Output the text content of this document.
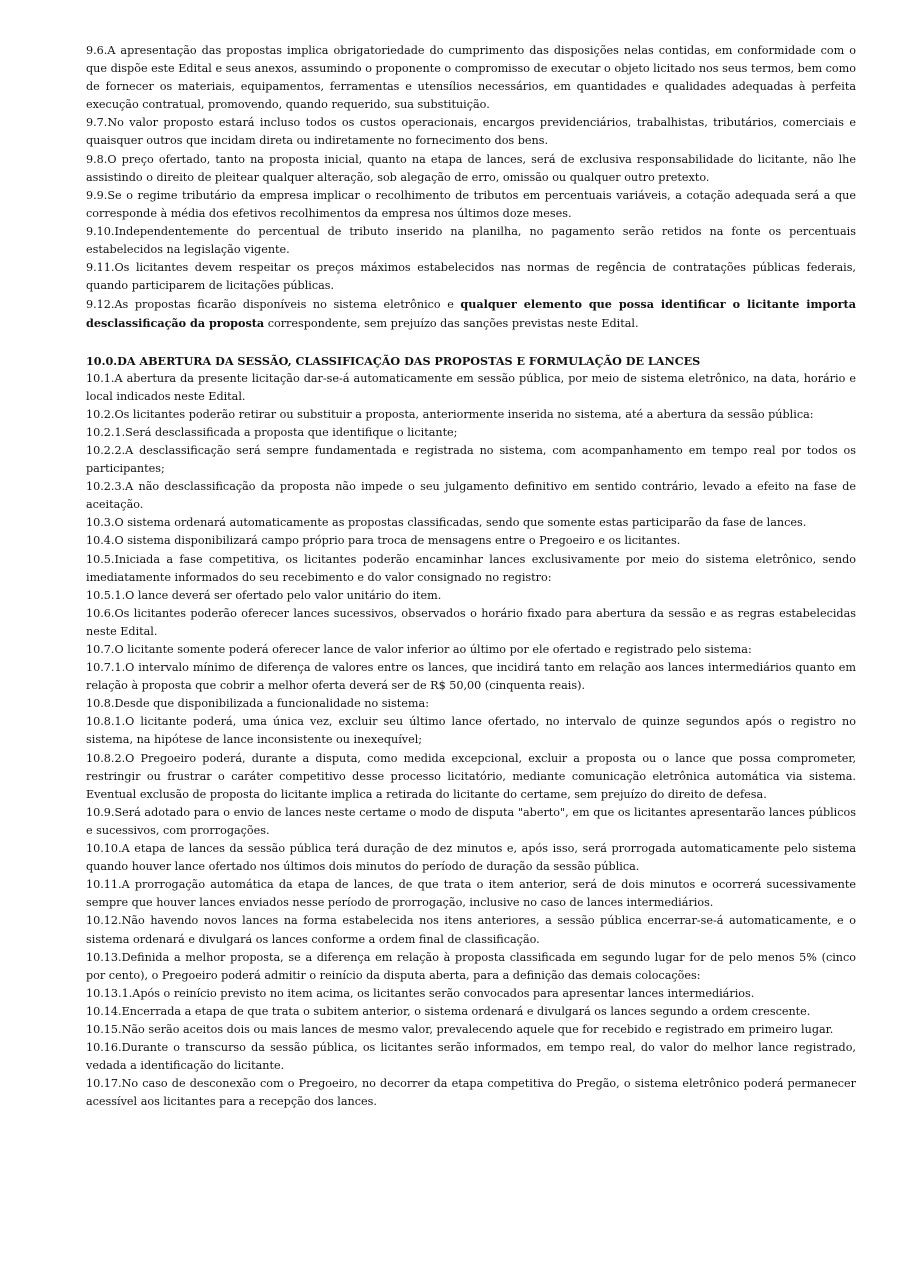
9.6.A apresentação das propostas implica obrigatoriedade do cumprimento das disposições nelas contidas, em conformidade com o que dispõe este Edital e seus anexos, assumindo o proponente o compromisso de executar o objeto licitado nos seus termos, bem como de fornecer os materiais, equipamentos, ferramentas e utensílios necessários, em quantidades e qualidades adequadas à perfeita execução contratual, promovendo, quando requerido, sua substituição.

9.7.No valor proposto estará incluso todos os custos operacionais, encargos previdenciários, trabalhistas, tributários, comerciais e quaisquer outros que incidam direta ou indiretamente no fornecimento dos bens.

9.8.O preço ofertado, tanto na proposta inicial, quanto na etapa de lances, será de exclusiva responsabilidade do licitante, não lhe assistindo o direito de pleitear qualquer alteração, sob alegação de erro, omissão ou qualquer outro pretexto.

9.9.Se o regime tributário da empresa implicar o recolhimento de tributos em percentuais variáveis, a cotação adequada será a que corresponde à média dos efetivos recolhimentos da empresa nos últimos doze meses.

9.10.Independentemente do percentual de tributo inserido na planilha, no pagamento serão retidos na fonte os percentuais estabelecidos na legislação vigente.

9.11.Os licitantes devem respeitar os preços máximos estabelecidos nas normas de regência de contratações públicas federais, quando participarem de licitações públicas.

9.12.As propostas ficarão disponíveis no sistema eletrônico e qualquer elemento que possa identificar o licitante importa desclassificação da proposta correspondente, sem prejuízo das sanções previstas neste Edital.

10.0.DA ABERTURA DA SESSÃO, CLASSIFICAÇÃO DAS PROPOSTAS E FORMULAÇÃO DE LANCES

10.1.A abertura da presente licitação dar-se-á automaticamente em sessão pública, por meio de sistema eletrônico, na data, horário e local indicados neste Edital.

10.2.Os licitantes poderão retirar ou substituir a proposta, anteriormente inserida no sistema, até a abertura da sessão pública:

10.2.1.Será desclassificada a proposta que identifique o licitante;

10.2.2.A desclassificação será sempre fundamentada e registrada no sistema, com acompanhamento em tempo real por todos os participantes;

10.2.3.A não desclassificação da proposta não impede o seu julgamento definitivo em sentido contrário, levado a efeito na fase de aceitação.

10.3.O sistema ordenará automaticamente as propostas classificadas, sendo que somente estas participarão da fase de lances.

10.4.O sistema disponibilizará campo próprio para troca de mensagens entre o Pregoeiro e os licitantes.

10.5.Iniciada a fase competitiva, os licitantes poderão encaminhar lances exclusivamente por meio do sistema eletrônico, sendo imediatamente informados do seu recebimento e do valor consignado no registro:

10.5.1.O lance deverá ser ofertado pelo valor unitário do item.

10.6.Os licitantes poderão oferecer lances sucessivos, observados o horário fixado para abertura da sessão e as regras estabelecidas neste Edital.

10.7.O licitante somente poderá oferecer lance de valor inferior ao último por ele ofertado e registrado pelo sistema:

10.7.1.O intervalo mínimo de diferença de valores entre os lances, que incidirá tanto em relação aos lances intermediários quanto em relação à proposta que cobrir a melhor oferta deverá ser de R$ 50,00 (cinquenta reais).

10.8.Desde que disponibilizada a funcionalidade no sistema:

10.8.1.O licitante poderá, uma única vez, excluir seu último lance ofertado, no intervalo de quinze segundos após o registro no sistema, na hipótese de lance inconsistente ou inexequível;

10.8.2.O Pregoeiro poderá, durante a disputa, como medida excepcional, excluir a proposta ou o lance que possa comprometer, restringir ou frustrar o caráter competitivo desse processo licitatório, mediante comunicação eletrônica automática via sistema. Eventual exclusão de proposta do licitante implica a retirada do licitante do certame, sem prejuízo do direito de defesa.

10.9.Será adotado para o envio de lances neste certame o modo de disputa "aberto", em que os licitantes apresentarão lances públicos e sucessivos, com prorrogações.

10.10.A etapa de lances da sessão pública terá duração de dez minutos e, após isso, será prorrogada automaticamente pelo sistema quando houver lance ofertado nos últimos dois minutos do período de duração da sessão pública.

10.11.A prorrogação automática da etapa de lances, de que trata o item anterior, será de dois minutos e ocorrerá sucessivamente sempre que houver lances enviados nesse período de prorrogação, inclusive no caso de lances intermediários.

10.12.Não havendo novos lances na forma estabelecida nos itens anteriores, a sessão pública encerrar-se-á automaticamente, e o sistema ordenará e divulgará os lances conforme a ordem final de classificação.

10.13.Definida a melhor proposta, se a diferença em relação à proposta classificada em segundo lugar for de pelo menos 5% (cinco por cento), o Pregoeiro poderá admitir o reinício da disputa aberta, para a definição das demais colocações:

10.13.1.Após o reinício previsto no item acima, os licitantes serão convocados para apresentar lances intermediários.

10.14.Encerrada a etapa de que trata o subitem anterior, o sistema ordenará e divulgará os lances segundo a ordem crescente.

10.15.Não serão aceitos dois ou mais lances de mesmo valor, prevalecendo aquele que for recebido e registrado em primeiro lugar.

10.16.Durante o transcurso da sessão pública, os licitantes serão informados, em tempo real, do valor do melhor lance registrado, vedada a identificação do licitante.

10.17.No caso de desconexão com o Pregoeiro, no decorrer da etapa competitiva do Pregão, o sistema eletrônico poderá permanecer acessível aos licitantes para a recepção dos lances.
